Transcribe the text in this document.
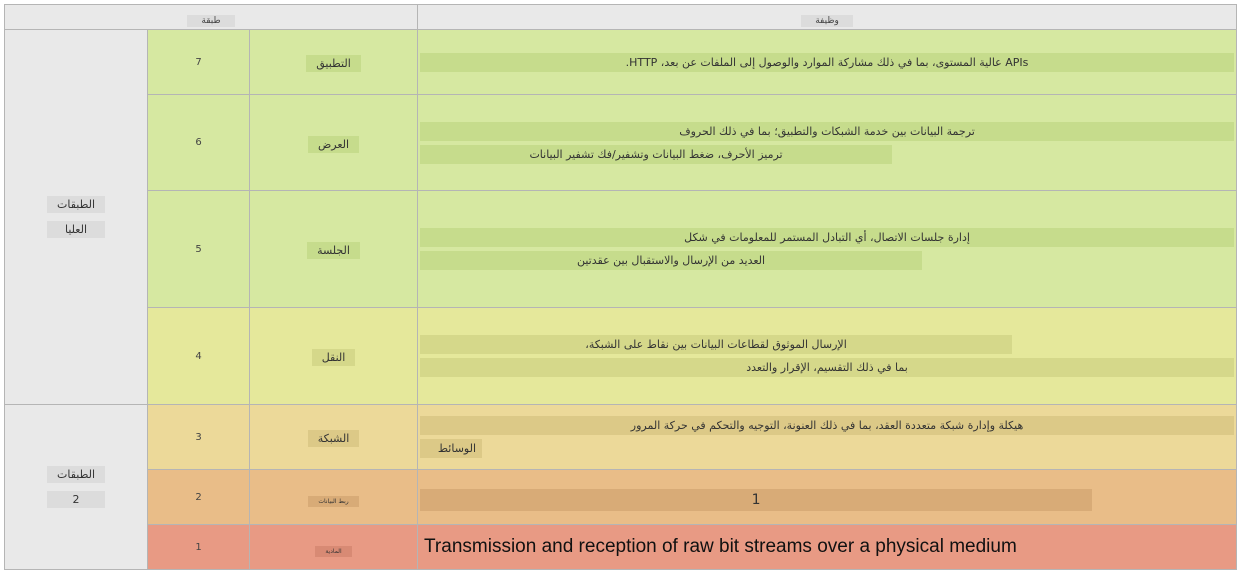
طبقة			وظيفة

الطبقات
العليا	7	التطبيق	APIs عالية المستوى، بما في ذلك مشاركة الموارد والوصول إلى الملفات عن بعد، HTTP.

	6	العرض	ترجمة البيانات بين خدمة الشبكات والتطبيق؛ بما في ذلك الحروف
ترميز الأحرف، ضغط البيانات وتشفير/فك تشفير البيانات

	5	الجلسة	إدارة جلسات الاتصال، أي التبادل المستمر للمعلومات في شكل
العديد من الإرسال والاستقبال بين عقدتين

	4	النقل	الإرسال الموثوق لقطاعات البيانات بين نقاط على الشبكة،
بما في ذلك التقسيم، الإقرار والتعدد

الطبقات
2	3	الشبكة	هيكلة وإدارة شبكة متعددة العقد، بما في ذلك العنونة، التوجيه والتحكم في حركة المرور
الوسائط

	2	ربط البيانات	1

	1	المادية	Transmission and reception of raw bit streams over a physical medium
